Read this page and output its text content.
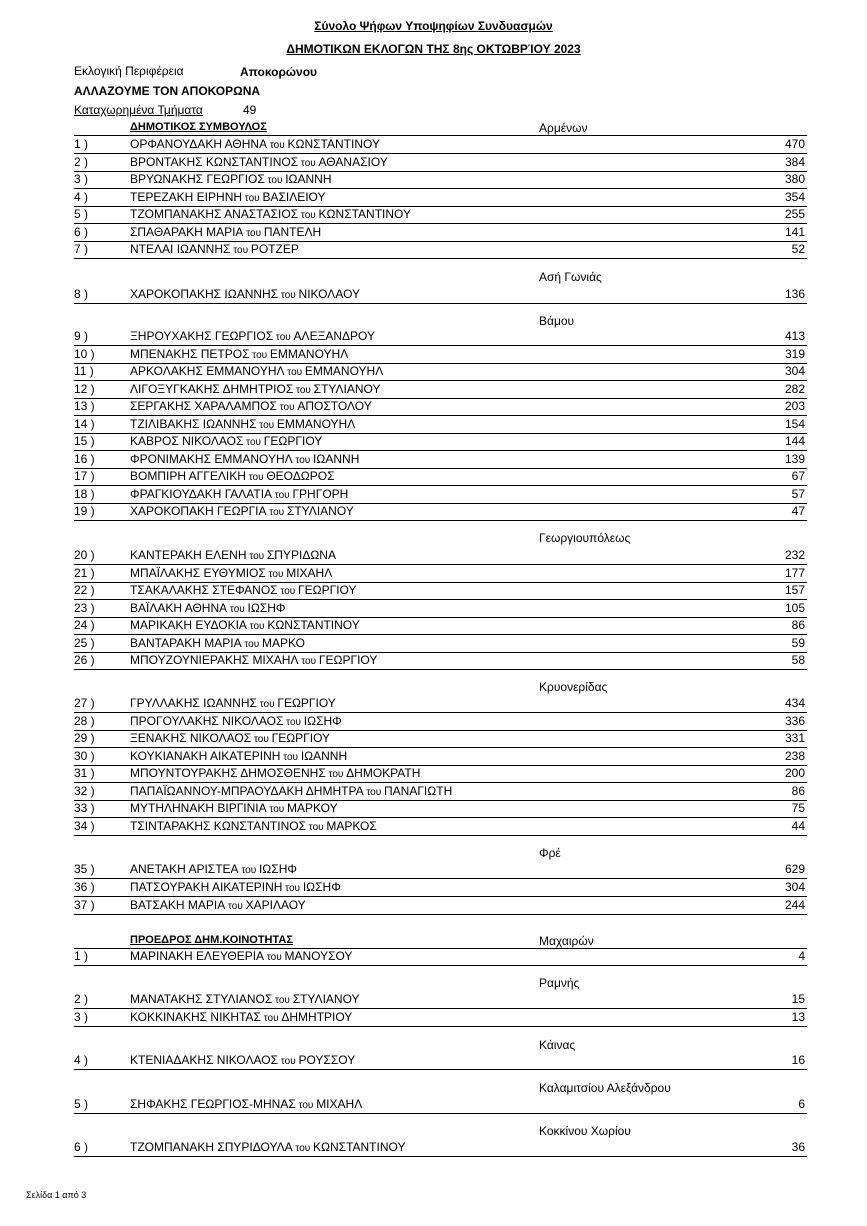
Σύνολο Ψήφων Υποψηφίων Συνδυασμών
ΔΗΜΟΤΙΚΩΝ ΕΚΛΟΓΩΝ ΤΗΣ 8ης ΟΚΤΩΒΡΊΟΥ 2023
Εκλογική Περιφέρεια	Αποκορώνου
ΑΛΛΑΖΟΥΜΕ ΤΟΝ ΑΠΟΚΟΡΩΝΑ
Καταχωρημένα Τμήματα	49
ΔΗΜΟΤΙΚΟΣ ΣΥΜΒΟΥΛΟΣ	Αρμένων
1 )	ΟΡΦΑΝΟΥΔΑΚΗ ΑΘΗΝΑ του ΚΩΝΣΤΑΝΤΙΝΟΥ	470
2 )	ΒΡΟΝΤΑΚΗΣ ΚΩΝΣΤΑΝΤΙΝΟΣ του ΑΘΑΝΑΣΙΟΥ	384
3 )	ΒΡΥΩΝΑΚΗΣ ΓΕΩΡΓΙΟΣ του ΙΩΑΝΝΗ	380
4 )	ΤΕΡΕΖΑΚΗ ΕΙΡΗΝΗ του ΒΑΣΙΛΕΙΟΥ	354
5 )	ΤΖΟΜΠΑΝΑΚΗΣ ΑΝΑΣΤΑΣΙΟΣ του ΚΩΝΣΤΑΝΤΙΝΟΥ	255
6 )	ΣΠΑΘΑΡΑΚΗ ΜΑΡΙΑ του ΠΑΝΤΕΛΗ	141
7 )	ΝΤΕΛΑΙ ΙΩΑΝΝΗΣ του ΡΟΤΖΕΡ	52
Ασή Γωνιάς
8 )	ΧΑΡΟΚΟΠΑΚΗΣ ΙΩΑΝΝΗΣ του ΝΙΚΟΛΑΟΥ	136
Βάμου
9 )	ΞΗΡΟΥΧΑΚΗΣ ΓΕΩΡΓΙΟΣ του ΑΛΕΞΑΝΔΡΟΥ	413
10 )	ΜΠΕΝΑΚΗΣ ΠΕΤΡΟΣ του ΕΜΜΑΝΟΥΗΛ	319
11 )	ΑΡΚΟΛΑΚΗΣ ΕΜΜΑΝΟΥΗΛ του ΕΜΜΑΝΟΥΗΛ	304
12 )	ΛΙΓΟΞΥΓΚΑΚΗΣ ΔΗΜΗΤΡΙΟΣ του ΣΤΥΛΙΑΝΟΥ	282
13 )	ΣΕΡΓΑΚΗΣ ΧΑΡΑΛΑΜΠΟΣ του ΑΠΟΣΤΟΛΟΥ	203
14 )	ΤΖΙΛΙΒΑΚΗΣ ΙΩΑΝΝΗΣ του ΕΜΜΑΝΟΥΗΛ	154
15 )	ΚΑΒΡΟΣ ΝΙΚΟΛΑΟΣ του ΓΕΩΡΓΙΟΥ	144
16 )	ΦΡΟΝΙΜΑΚΗΣ ΕΜΜΑΝΟΥΗΛ του ΙΩΑΝΝΗ	139
17 )	ΒΟΜΠΙΡΗ ΑΓΓΕΛΙΚΗ του ΘΕΟΔΩΡΟΣ	67
18 )	ΦΡΑΓΚΙΟΥΔΑΚΗ ΓΑΛΑΤΙΑ του ΓΡΗΓΟΡΗ	57
19 )	ΧΑΡΟΚΟΠΑΚΗ ΓΕΩΡΓΙΑ του ΣΤΥΛΙΑΝΟΥ	47
Γεωργιουπόλεως
20 )	ΚΑΝΤΕΡΑΚΗ ΕΛΕΝΗ του ΣΠΥΡΙΔΩΝΑ	232
21 )	ΜΠΑΪΛΑΚΗΣ ΕΥΘΥΜΙΟΣ του ΜΙΧΑΗΛ	177
22 )	ΤΣΑΚΑΛΑΚΗΣ ΣΤΕΦΑΝΟΣ του ΓΕΩΡΓΙΟΥ	157
23 )	ΒΑΪΛΑΚΗ ΑΘΗΝΑ του ΙΩΣΗΦ	105
24 )	ΜΑΡΙΚΑΚΗ ΕΥΔΟΚΙΑ του ΚΩΝΣΤΑΝΤΙΝΟΥ	86
25 )	ΒΑΝΤΑΡΑΚΗ ΜΑΡΙΑ του ΜΑΡΚΟ	59
26 )	ΜΠΟΥΖΟΥΝΙΕΡΑΚΗΣ ΜΙΧΑΗΛ του ΓΕΩΡΓΙΟΥ	58
Κρυονερίδας
27 )	ΓΡΥΛΛΑΚΗΣ ΙΩΑΝΝΗΣ του ΓΕΩΡΓΙΟΥ	434
28 )	ΠΡΟΓΟΥΛΑΚΗΣ ΝΙΚΟΛΑΟΣ του ΙΩΣΗΦ	336
29 )	ΞΕΝΑΚΗΣ ΝΙΚΟΛΑΟΣ του ΓΕΩΡΓΙΟΥ	331
30 )	ΚΟΥΚΙΑΝΑΚΗ ΑΙΚΑΤΕΡΙΝΗ του ΙΩΑΝΝΗ	238
31 )	ΜΠΟΥΝΤΟΥΡΑΚΗΣ ΔΗΜΟΣΘΕΝΗΣ του ΔΗΜΟΚΡΑΤΗ	200
32 )	ΠΑΠΑΪΩΑΝΝΟΥ-ΜΠΡΑΟΥΔΑΚΗ ΔΗΜΗΤΡΑ του ΠΑΝΑΓΙΩΤΗ	86
33 )	ΜΥΤΗΛΗΝΑΚΗ ΒΙΡΓΙΝΙΑ του ΜΑΡΚΟΥ	75
34 )	ΤΣΙΝΤΑΡΑΚΗΣ ΚΩΝΣΤΑΝΤΙΝΟΣ του ΜΑΡΚΟΣ	44
Φρέ
35 )	ΑΝΕΤΑΚΗ ΑΡΙΣΤΕΑ του ΙΩΣΗΦ	629
36 )	ΠΑΤΣΟΥΡΑΚΗ ΑΙΚΑΤΕΡΙΝΗ του ΙΩΣΗΦ	304
37 )	ΒΑΤΣΑΚΗ ΜΑΡΙΑ του ΧΑΡΙΛΑΟΥ	244
ΠΡΟΕΔΡΟΣ ΔΗΜ.ΚΟΙΝΟΤΗΤΑΣ	Μαχαιρών
1 )	ΜΑΡΙΝΑΚΗ ΕΛΕΥΘΕΡΙΑ του ΜΑΝΟΥΣΟΥ	4
Ραμνής
2 )	ΜΑΝΑΤΑΚΗΣ ΣΤΥΛΙΑΝΟΣ του ΣΤΥΛΙΑΝΟΥ	15
3 )	ΚΟΚΚΙΝΑΚΗΣ ΝΙΚΗΤΑΣ του ΔΗΜΗΤΡΙΟΥ	13
Κάινας
4 )	ΚΤΕΝΙΑΔΑΚΗΣ ΝΙΚΟΛΑΟΣ του ΡΟΥΣΣΟΥ	16
Καλαμιτσίου Αλεξάνδρου
5 )	ΣΗΦΑΚΗΣ ΓΕΩΡΓΙΟΣ-ΜΗΝΑΣ του ΜΙΧΑΗΛ	6
Κοκκίνου Χωρίου
6 )	ΤΖΟΜΠΑΝΑΚΗ ΣΠΥΡΙΔΟΥΛΑ του ΚΩΝΣΤΑΝΤΙΝΟΥ	36
Σελίδα 1 από 3
